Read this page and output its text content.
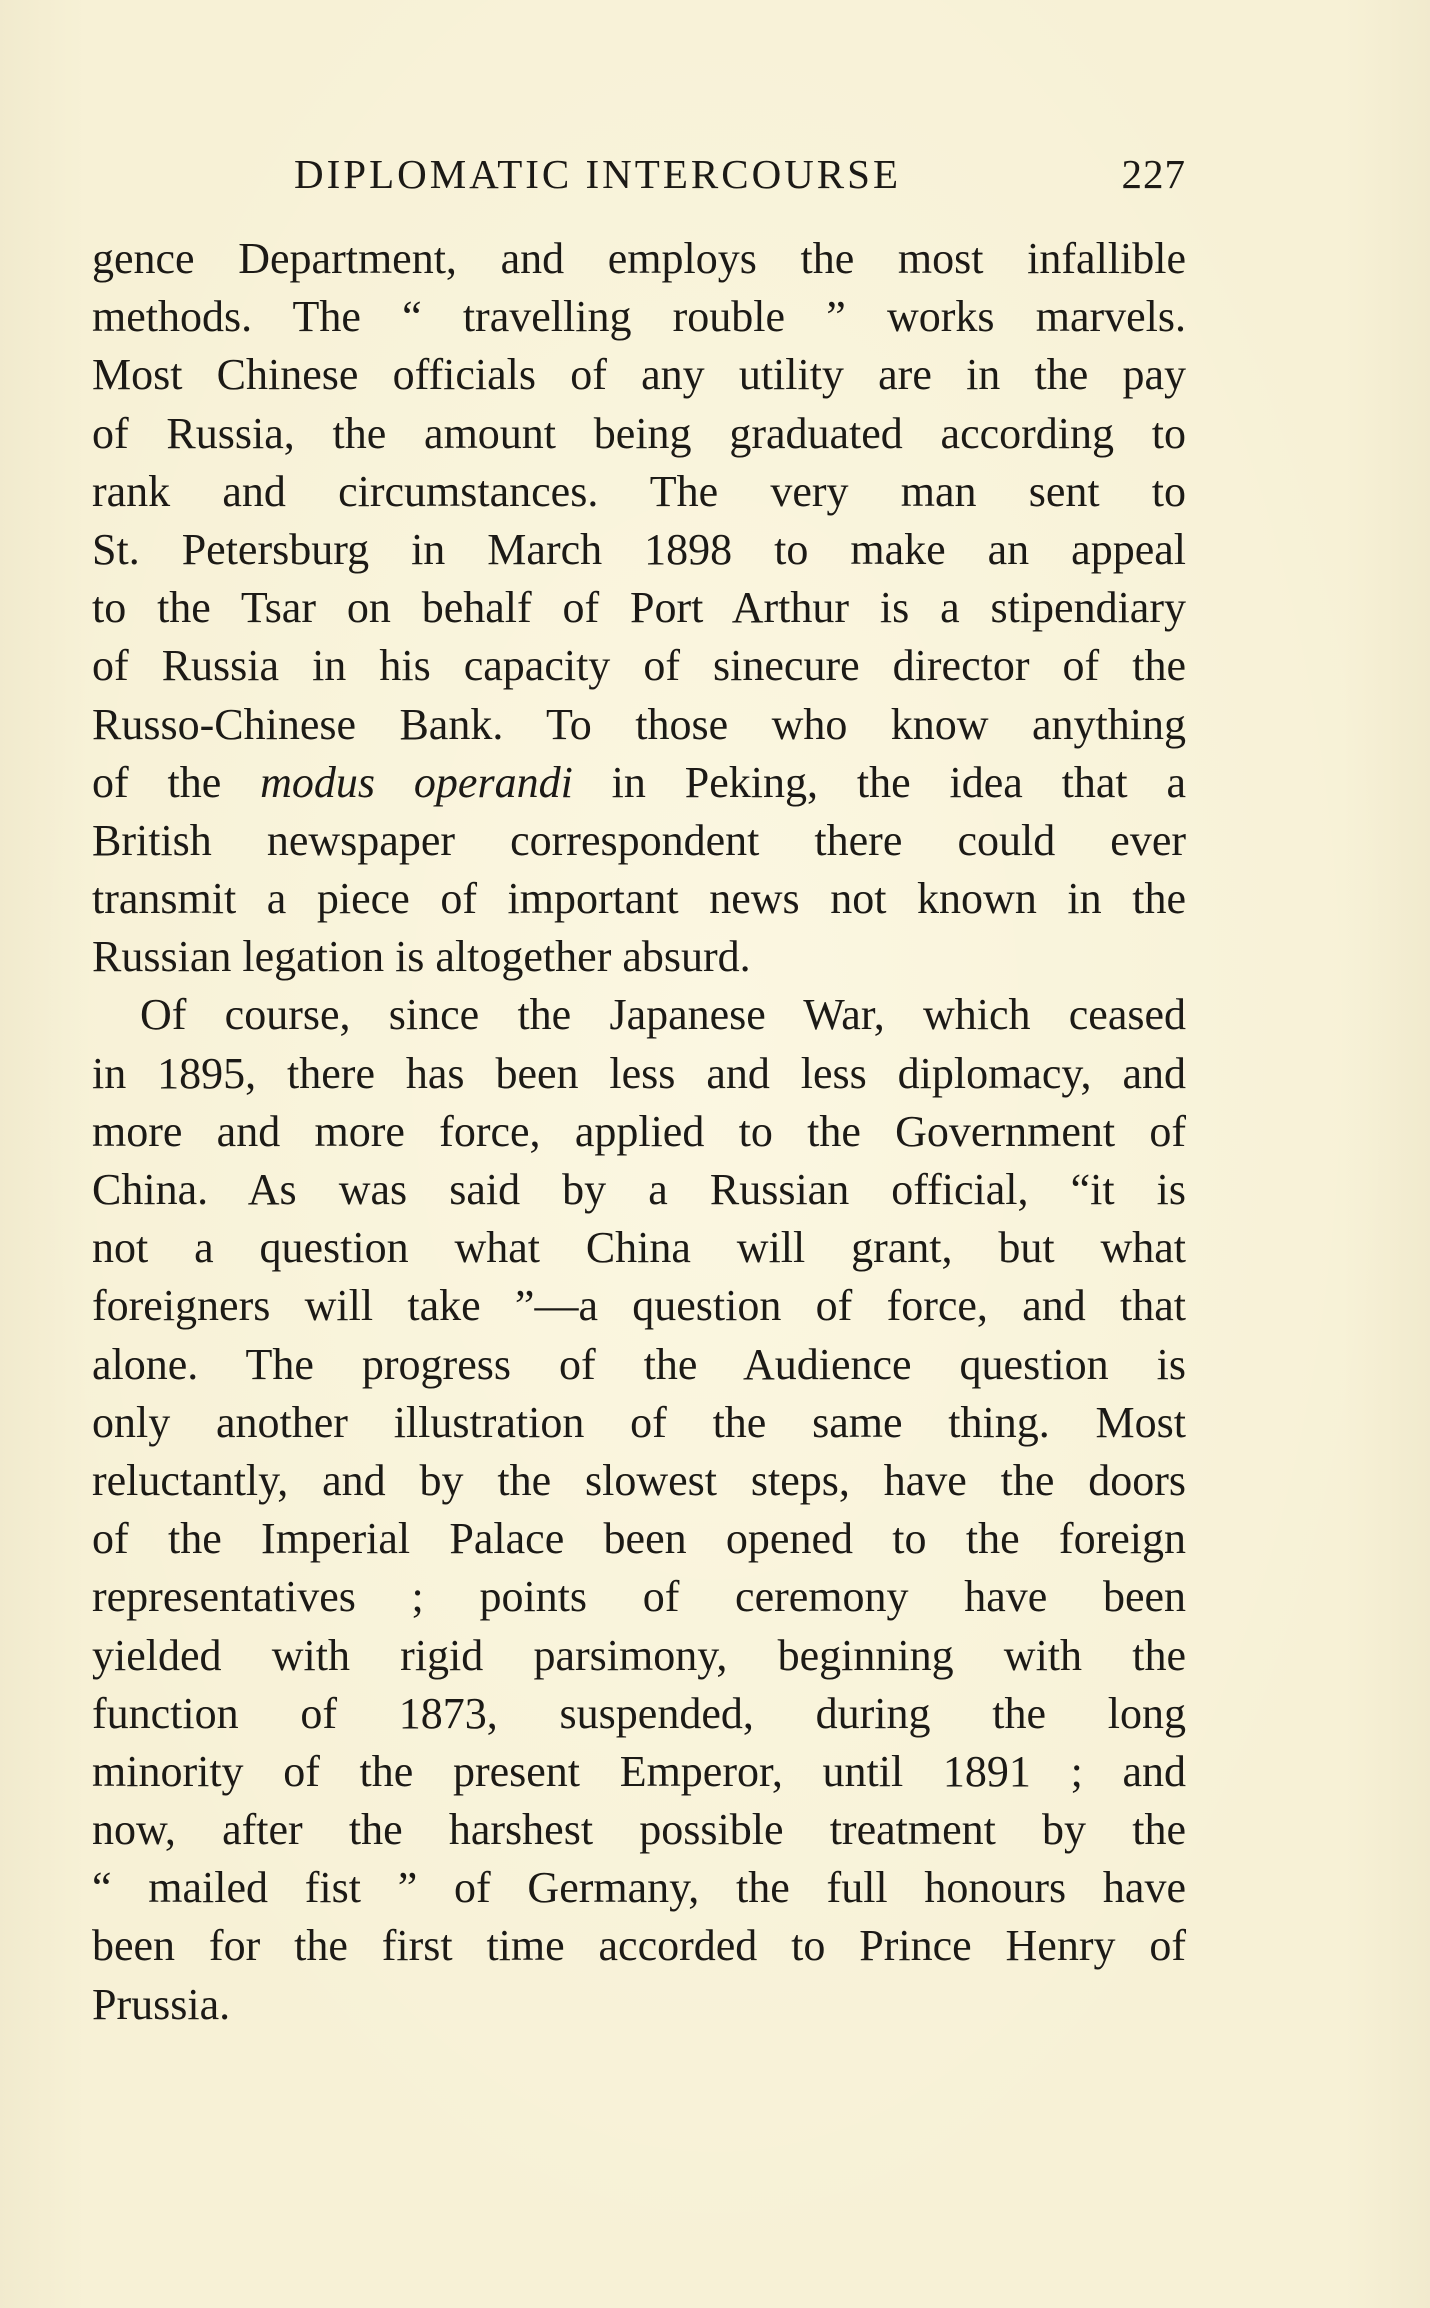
DIPLOMATIC INTERCOURSE	227
gence Department, and employs the most infallible
methods. The “ travelling rouble ” works marvels.
Most Chinese officials of any utility are in the pay
of Russia, the amount being graduated according to
rank and circumstances. The very man sent to
St. Petersburg in March 1898 to make an appeal
to the Tsar on behalf of Port Arthur is a stipendiary
of Russia in his capacity of sinecure director of the
Russo-Chinese Bank. To those who know anything
of the modus operandi in Peking, the idea that a
British newspaper correspondent there could ever
transmit a piece of important news not known in the
Russian legation is altogether absurd.
Of course, since the Japanese War, which ceased
in 1895, there has been less and less diplomacy, and
more and more force, applied to the Government of
China. As was said by a Russian official, “it is
not a question what China will grant, but what
foreigners will take ”—a question of force, and that
alone. The progress of the Audience question is
only another illustration of the same thing. Most
reluctantly, and by the slowest steps, have the doors
of the Imperial Palace been opened to the foreign
representatives ; points of ceremony have been
yielded with rigid parsimony, beginning with the
function of 1873, suspended, during the long
minority of the present Emperor, until 1891 ; and
now, after the harshest possible treatment by the
“ mailed fist ” of Germany, the full honours have
been for the first time accorded to Prince Henry of
Prussia.
